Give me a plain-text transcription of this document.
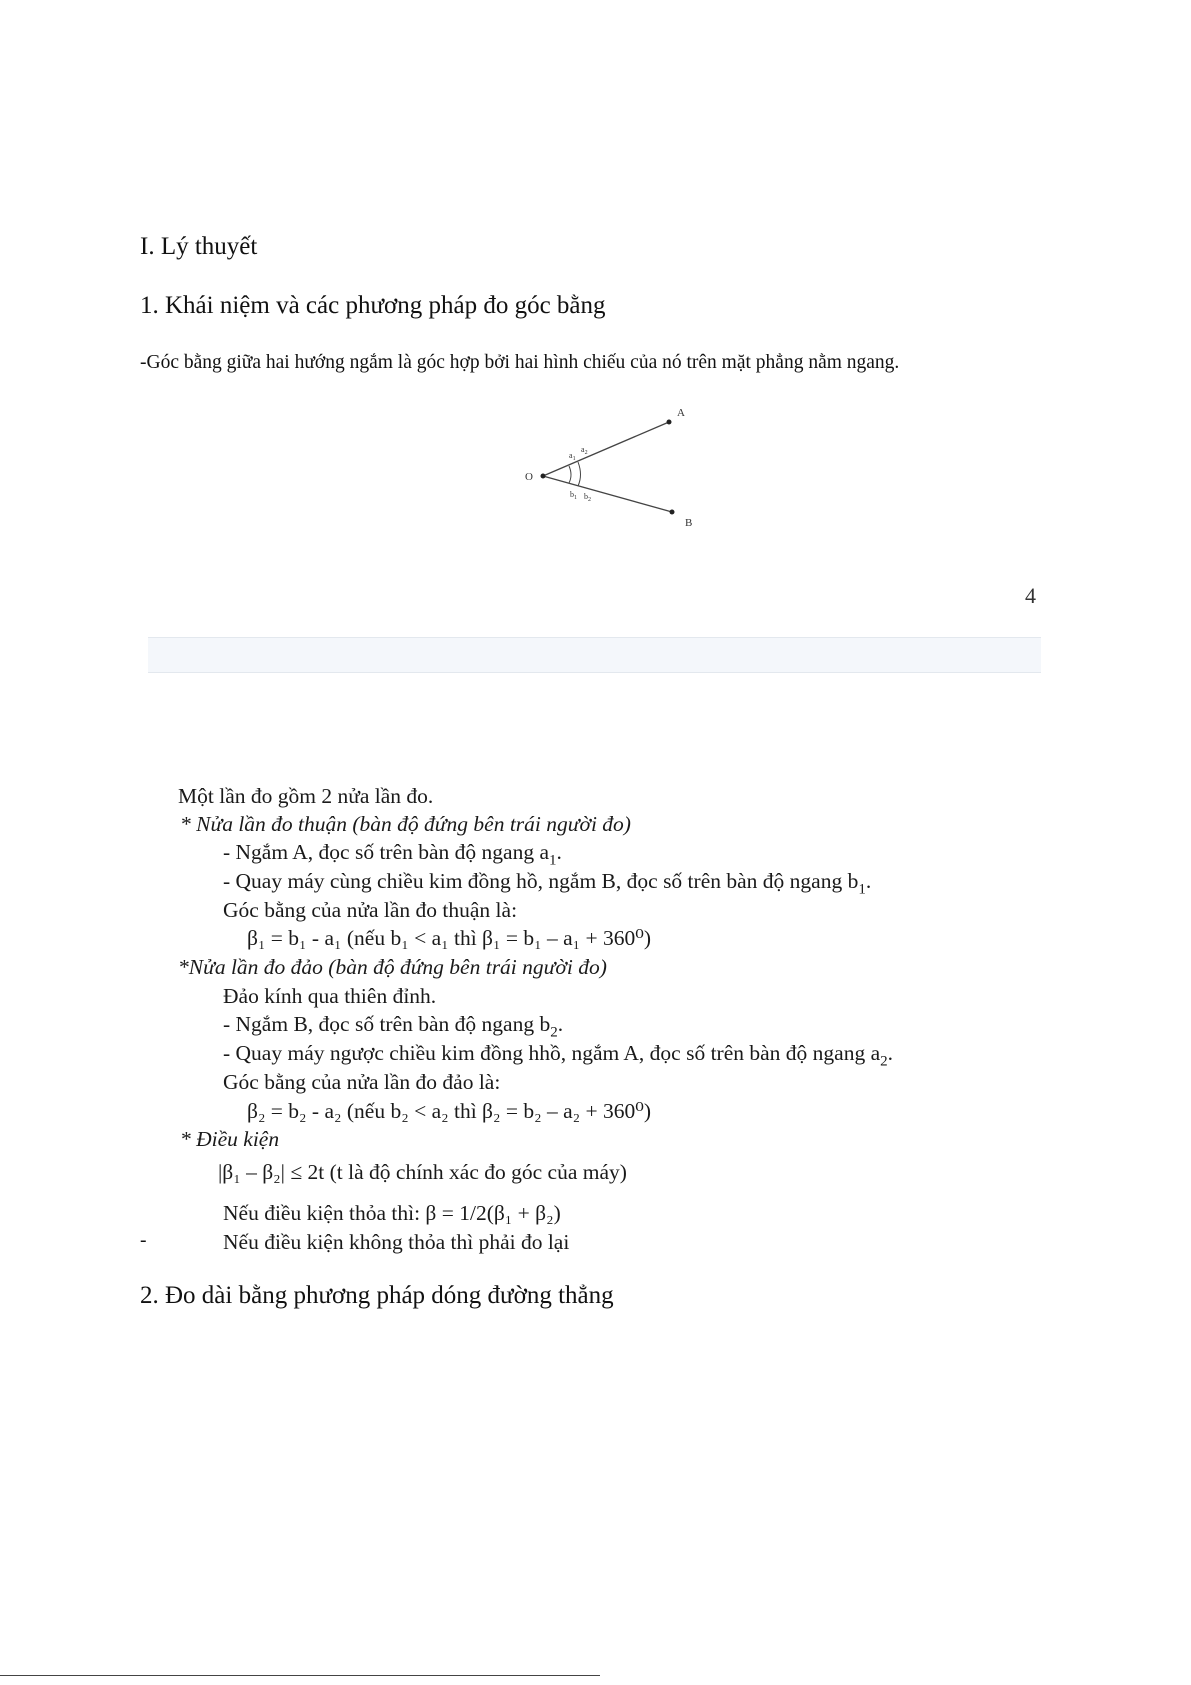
I. Lý thuyết
1. Khái niệm và các phương pháp đo góc bằng
-Góc bằng giữa hai hướng ngắm là góc hợp bởi hai hình chiếu của nó trên mặt phẳng nằm ngang.
O
A
B
$a_1$
$a_2$
$b_1$ $b_2$
4
Một lần đo gồm 2 nửa lần đo.
* Nửa lần đo thuận (bàn độ đứng bên trái người đo)
- Ngắm A, đọc số trên bàn độ ngang $a_1$.
- Quay máy cùng chiều kim đồng hồ, ngắm B, đọc số trên bàn độ ngang $b_1$.
Góc bằng của nửa lần đo thuận là:
β₁ = b₁ - a₁ (nếu b₁ < a₁ thì β₁ = b₁ – a₁ + 360⁰)
*Nửa lần đo đảo (bàn độ đứng bên trái người đo)
Đảo kính qua thiên đỉnh.
- Ngắm B, đọc số trên bàn độ ngang $b_2$.
- Quay máy ngược chiều kim đồng hhồ, ngắm A, đọc số trên bàn độ ngang $a_2$.
Góc bằng của nửa lần đo đảo là:
β₂ = b₂ - a₂ (nếu b₂ < a₂ thì β₂ = b₂ – a₂ + 360⁰)
* Điều kiện
|β₁ – β₂| ≤ 2t (t là độ chính xác đo góc của máy)
Nếu điều kiện thỏa thì: β = 1/2(β₁ + β₂)
Nếu điều kiện không thỏa thì phải đo lại
-
2. Đo dài bằng phương pháp dóng đường thẳng
